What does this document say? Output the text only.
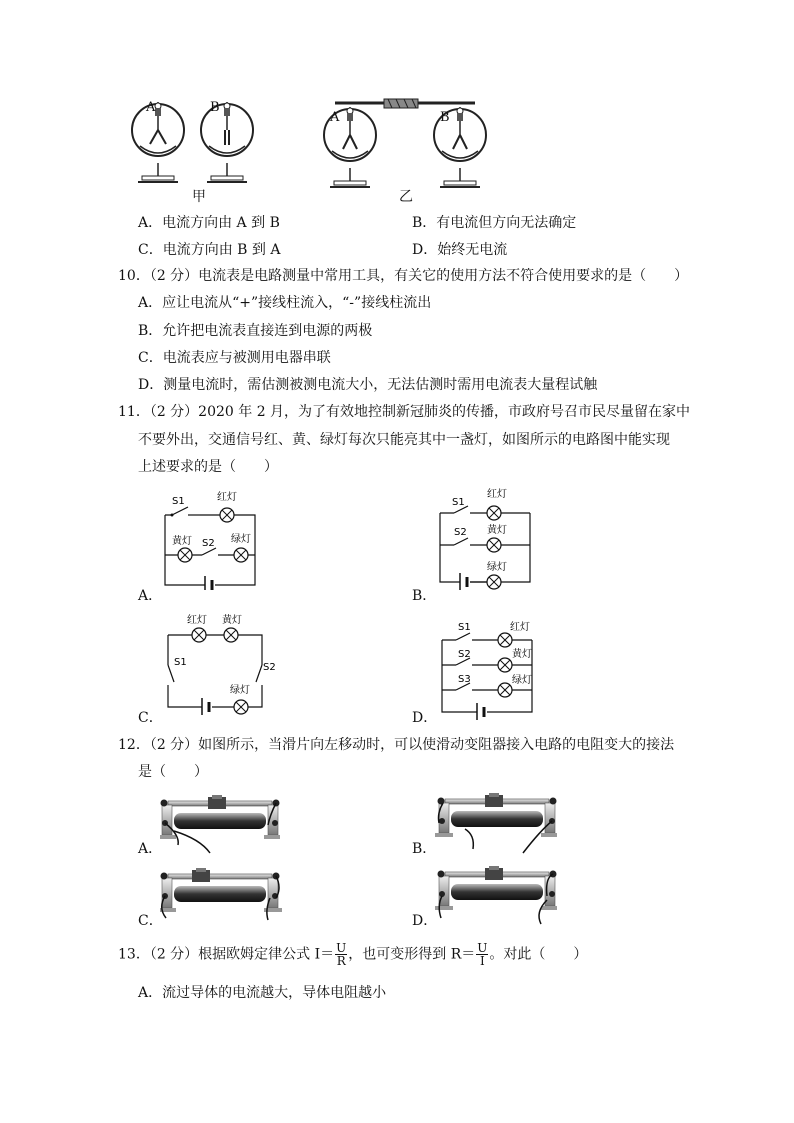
A	B
甲
A	B
乙
A．电流方向由 A 到 B	B．有电流但方向无法确定
C．电流方向由 B 到 A	D．始终无电流
10．（2 分）电流表是电路测量中常用工具，有关它的使用方法不符合使用要求的是（　　）
A．应让电流从“+”接线柱流入，“-”接线柱流出
B．允许把电流表直接连到电源的两极
C．电流表应与被测用电器串联
D．测量电流时，需估测被测电流大小，无法估测时需用电流表大量程试触
11．（2 分）2020 年 2 月，为了有效地控制新冠肺炎的传播，市政府号召市民尽量留在家中
不要外出，交通信号红、黄、绿灯每次只能亮其中一盏灯，如图所示的电路图中能实现
上述要求的是（　　）
S1	红灯
黄灯 S2 绿灯
A．
S1
红灯
S2 黄灯
绿灯
B．
红灯 黄灯
S1	S2
绿灯
C．
S1	红灯
S2	黄灯
S3	绿灯
D．
12．（2 分）如图所示，当滑片向左移动时，可以使滑动变阻器接入电路的电阻变大的接法
是（　　）
A．	B．
C．	D．
13．（2 分）根据欧姆定律公式 $I= \frac{U}{R}$ ，也可变形得到 $R= \frac{U}{I}$ 。对此（　　）
A．流过导体的电流越大，导体电阻越小
